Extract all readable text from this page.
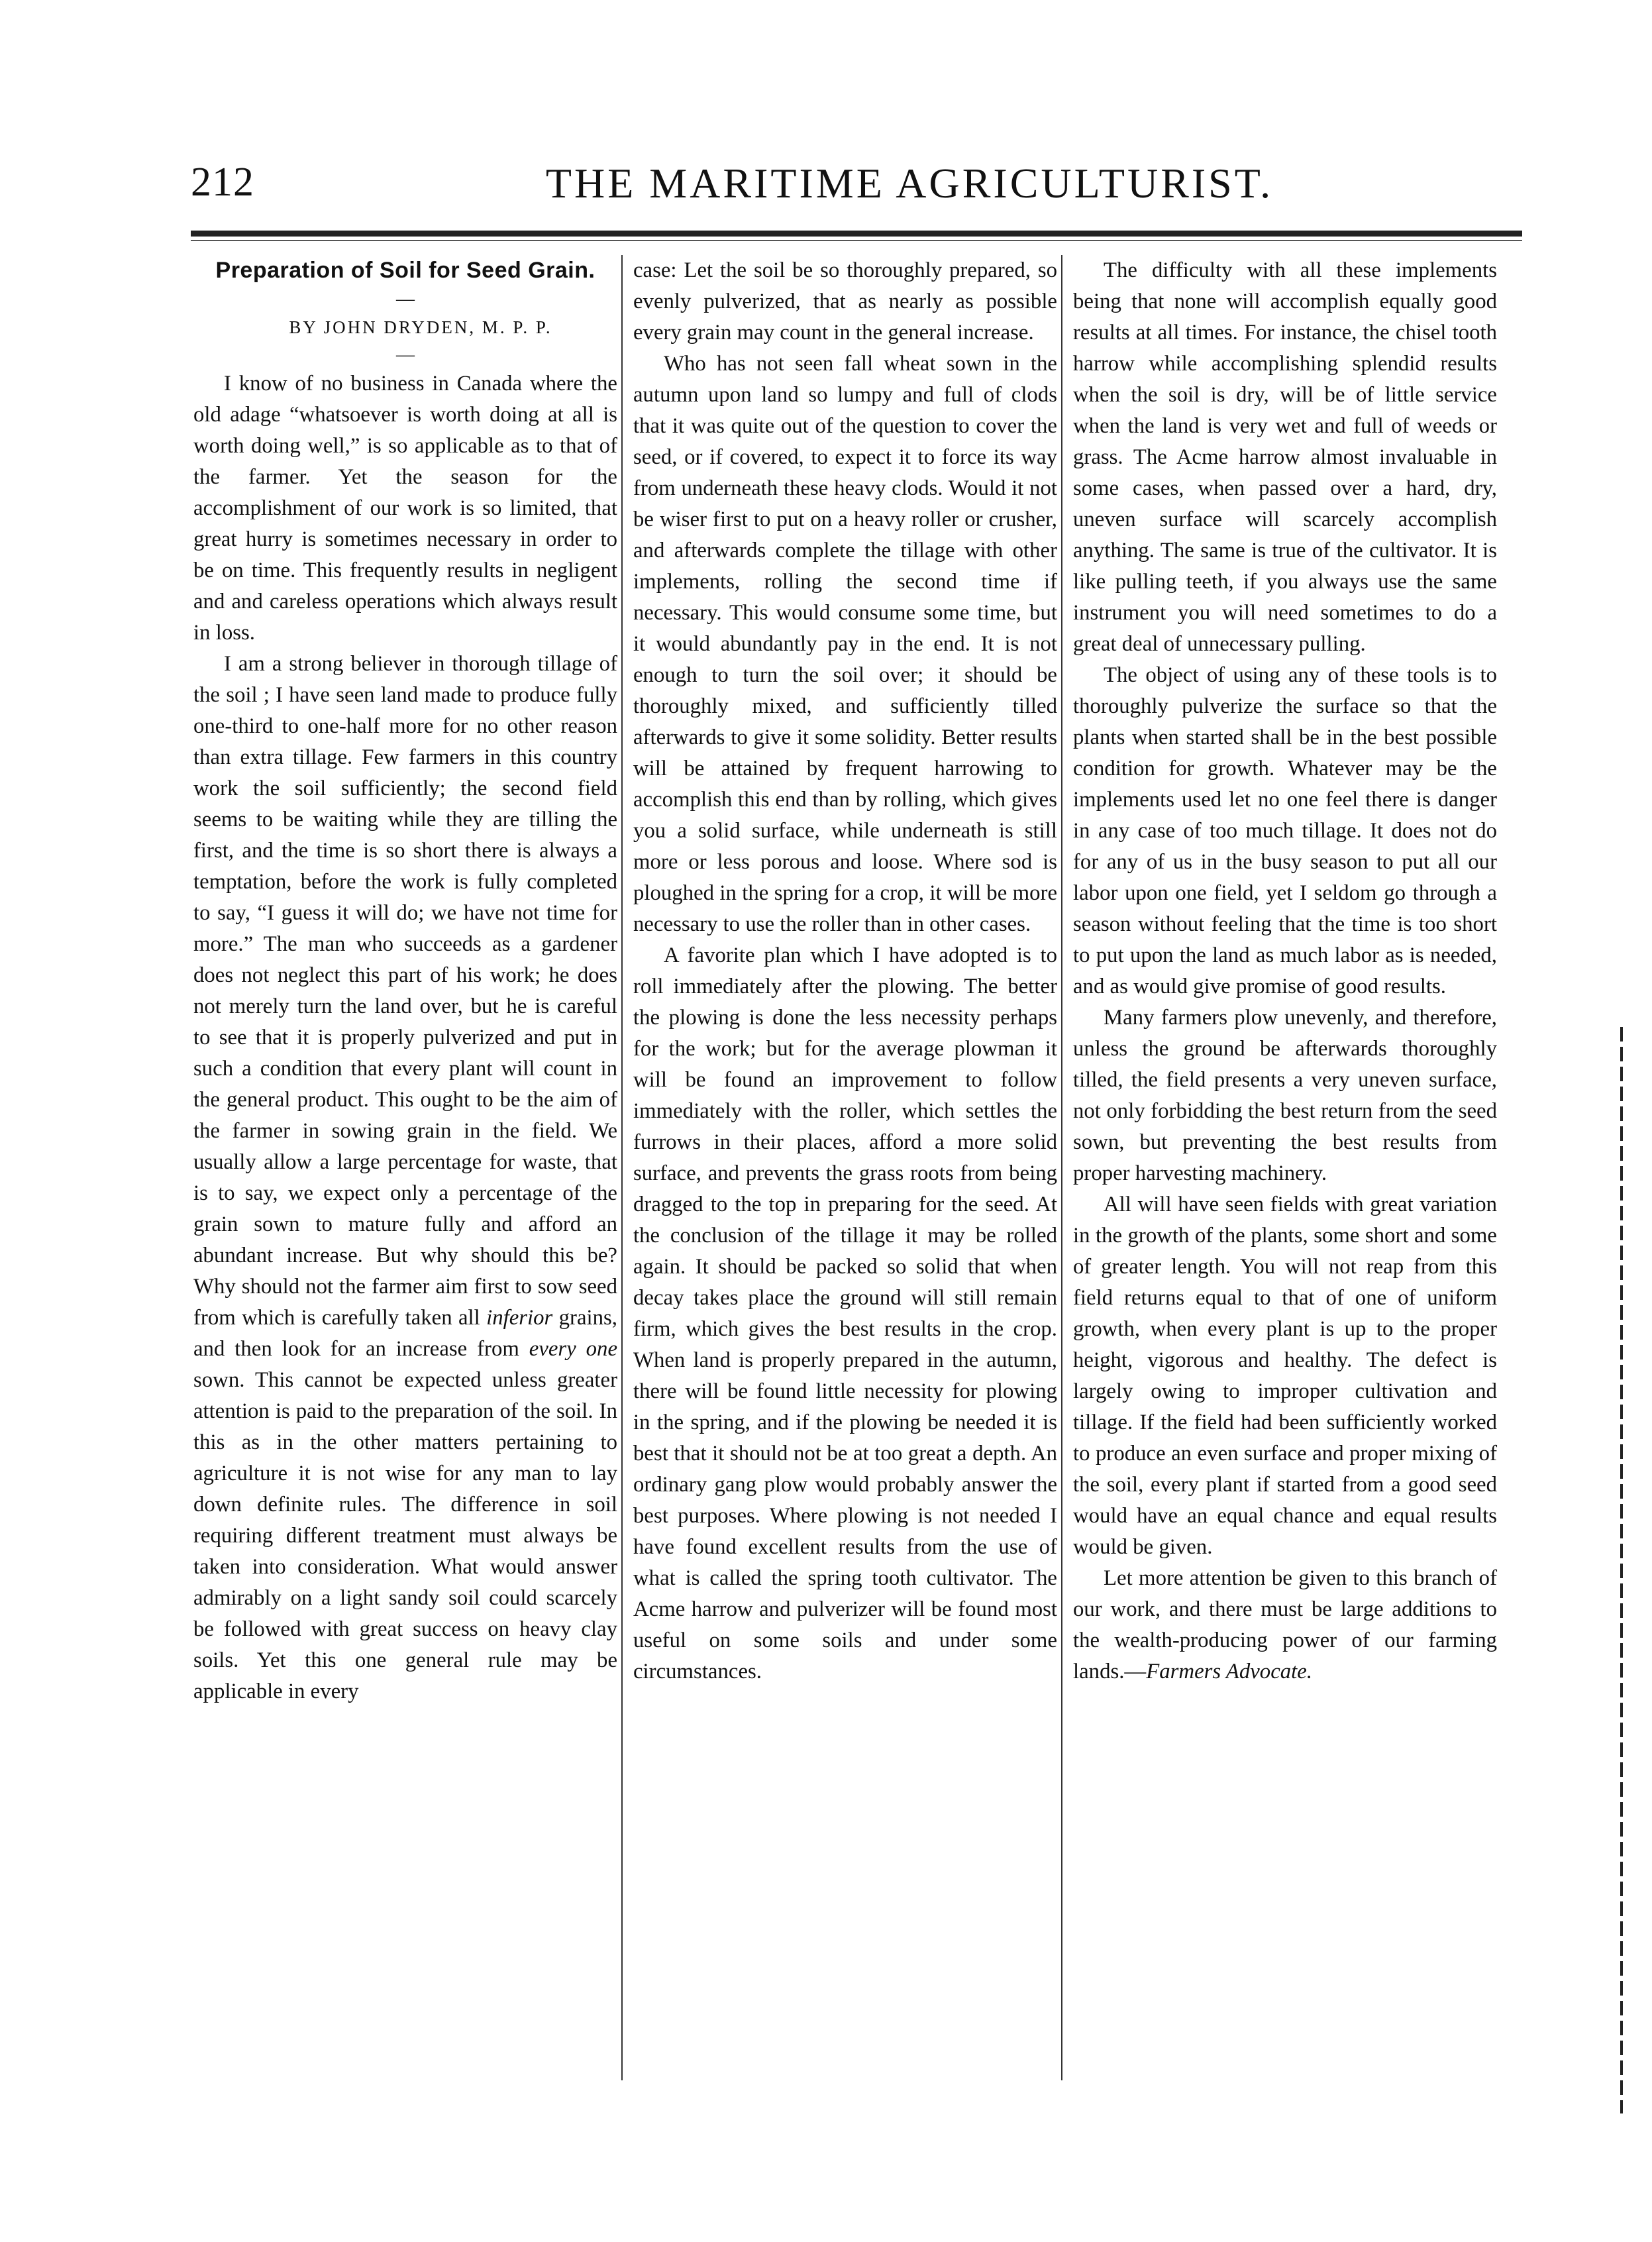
212	THE MARITIME AGRICULTURIST.
Preparation of Soil for Seed Grain.
—

BY JOHN DRYDEN, M. P. P.

—

I know of no business in Canada where the old adage “whatsoever is worth doing at all is worth doing well,” is so applicable as to that of the farmer. Yet the season for the accomplishment of our work is so limited, that great hurry is sometimes necessary in order to be on time. This frequently results in negligent and and careless operations which always result in loss.

I am a strong believer in thorough tillage of the soil ; I have seen land made to produce fully one-third to one-half more for no other reason than extra tillage. Few farmers in this country work the soil sufficiently; the second field seems to be waiting while they are tilling the first, and the time is so short there is always a temptation, before the work is fully completed to say, “I guess it will do; we have not time for more.” The man who succeeds as a gardener does not neglect this part of his work; he does not merely turn the land over, but he is careful to see that it is properly pulverized and put in such a condition that every plant will count in the general product. This ought to be the aim of the farmer in sowing grain in the field. We usually allow a large percentage for waste, that is to say, we expect only a percentage of the grain sown to mature fully and afford an abundant increase. But why should this be? Why should not the farmer aim first to sow seed from which is carefully taken all inferior grains, and then look for an increase from every one sown. This cannot be expected unless greater attention is paid to the preparation of the soil. In this as in the other matters pertaining to agriculture it is not wise for any man to lay down definite rules. The difference in soil requiring different treatment must always be taken into consideration. What would answer admirably on a light sandy soil could scarcely be followed with great success on heavy clay soils. Yet this one general rule may be applicable in every

case: Let the soil be so thoroughly prepared, so evenly pulverized, that as nearly as possible every grain may count in the general increase.

Who has not seen fall wheat sown in the autumn upon land so lumpy and full of clods that it was quite out of the question to cover the seed, or if covered, to expect it to force its way from underneath these heavy clods. Would it not be wiser first to put on a heavy roller or crusher, and afterwards complete the tillage with other implements, rolling the second time if necessary. This would consume some time, but it would abundantly pay in the end. It is not enough to turn the soil over; it should be thoroughly mixed, and sufficiently tilled afterwards to give it some solidity. Better results will be attained by frequent harrowing to accomplish this end than by rolling, which gives you a solid surface, while underneath is still more or less porous and loose. Where sod is ploughed in the spring for a crop, it will be more necessary to use the roller than in other cases.

A favorite plan which I have adopted is to roll immediately after the plowing. The better the plowing is done the less necessity perhaps for the work; but for the average plowman it will be found an improvement to follow immediately with the roller, which settles the furrows in their places, afford a more solid surface, and prevents the grass roots from being dragged to the top in preparing for the seed. At the conclusion of the tillage it may be rolled again. It should be packed so solid that when decay takes place the ground will still remain firm, which gives the best results in the crop. When land is properly prepared in the autumn, there will be found little necessity for plowing in the spring, and if the plowing be needed it is best that it should not be at too great a depth. An ordinary gang plow would probably answer the best purposes. Where plowing is not needed I have found excellent results from the use of what is called the spring tooth cultivator. The Acme harrow and pulverizer will be found most useful on some soils and under some circumstances.

The difficulty with all these implements being that none will accomplish equally good results at all times. For instance, the chisel tooth harrow while accomplishing splendid results when the soil is dry, will be of little service when the land is very wet and full of weeds or grass. The Acme harrow almost invaluable in some cases, when passed over a hard, dry, uneven surface will scarcely accomplish anything. The same is true of the cultivator. It is like pulling teeth, if you always use the same instrument you will need sometimes to do a great deal of unnecessary pulling.

The object of using any of these tools is to thoroughly pulverize the surface so that the plants when started shall be in the best possible condition for growth. Whatever may be the implements used let no one feel there is danger in any case of too much tillage. It does not do for any of us in the busy season to put all our labor upon one field, yet I seldom go through a season without feeling that the time is too short to put upon the land as much labor as is needed, and as would give promise of good results.

Many farmers plow unevenly, and therefore, unless the ground be afterwards thoroughly tilled, the field presents a very uneven surface, not only forbidding the best return from the seed sown, but preventing the best results from proper harvesting machinery.

All will have seen fields with great variation in the growth of the plants, some short and some of greater length. You will not reap from this field returns equal to that of one of uniform growth, when every plant is up to the proper height, vigorous and healthy. The defect is largely owing to improper cultivation and tillage. If the field had been sufficiently worked to produce an even surface and proper mixing of the soil, every plant if started from a good seed would have an equal chance and equal results would be given.

Let more attention be given to this branch of our work, and there must be large additions to the wealth-producing power of our farming lands.—Farmers Advocate.
